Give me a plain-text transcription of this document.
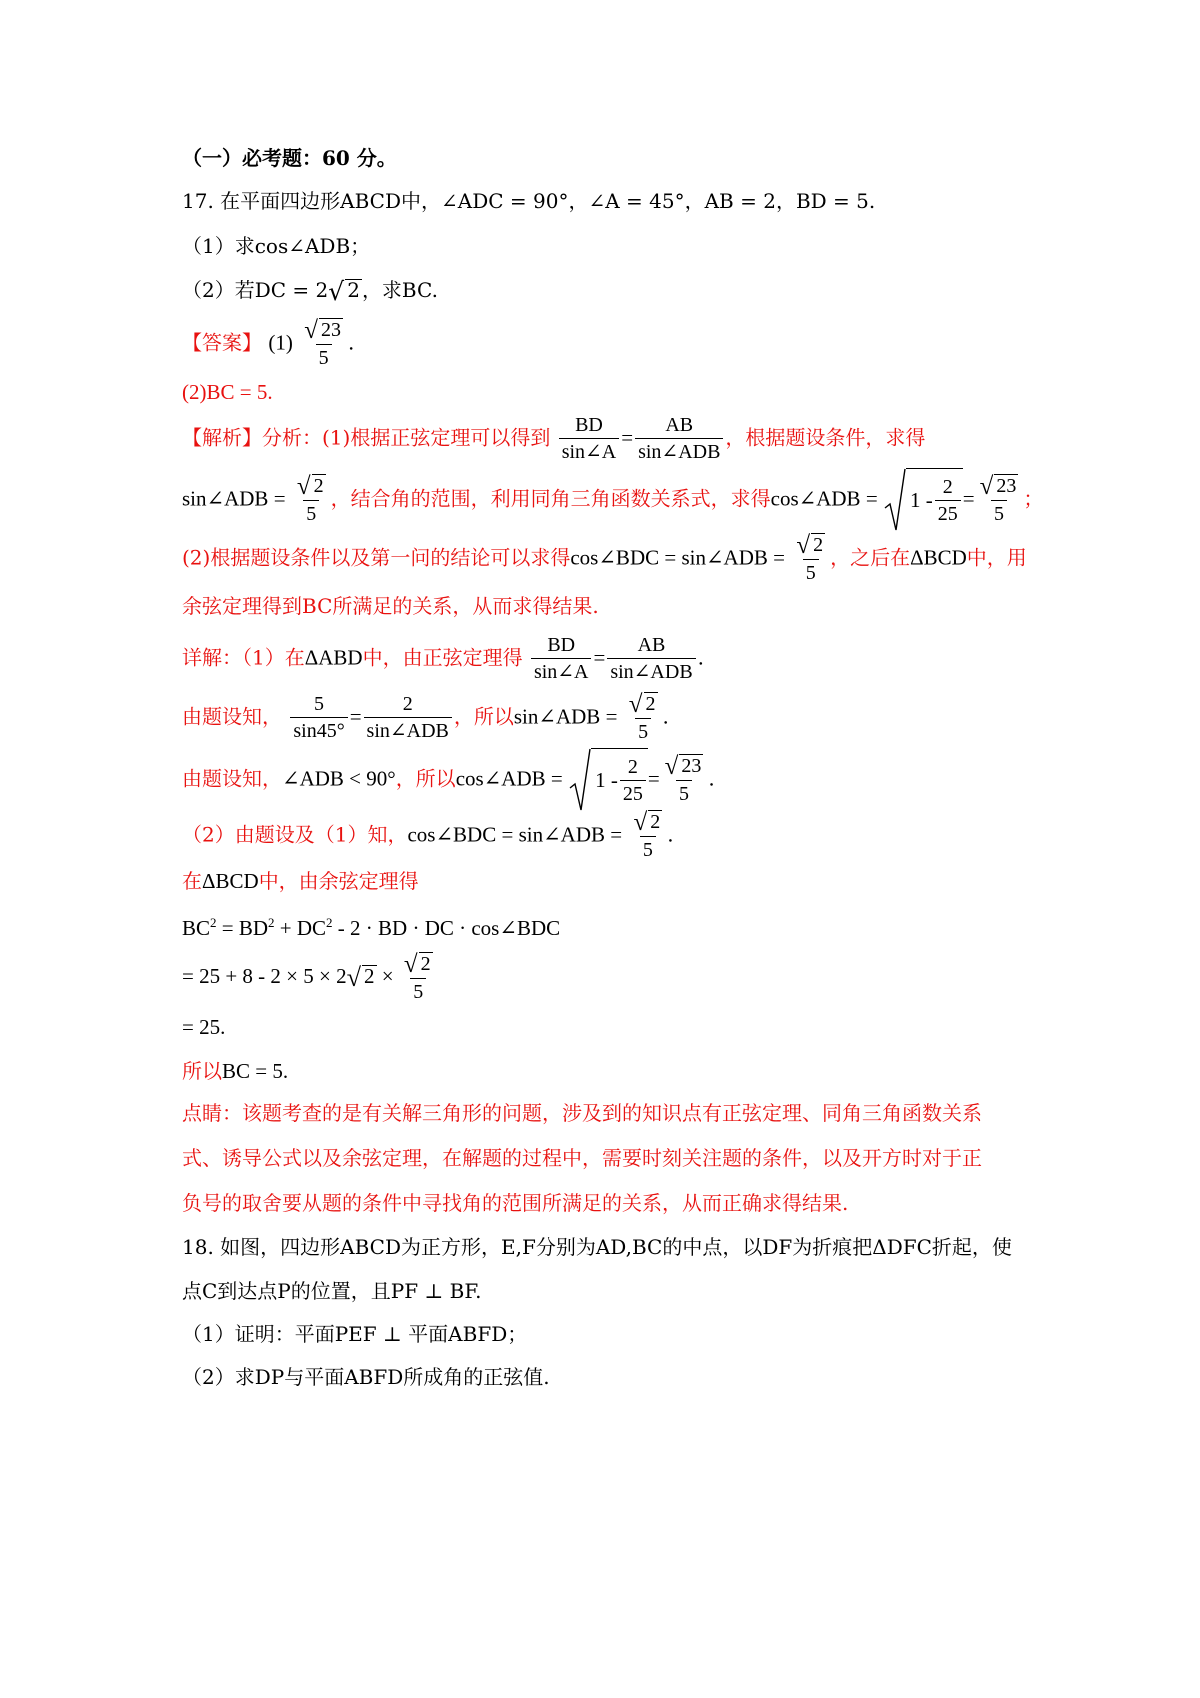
（一）必考题：60 分。
17. 在平面四边形ABCD中，∠ADC = 90°，∠A = 45°，AB = 2，BD = 5.
（1）求cos∠ADB；
（2）若DC = 2 √ 2 ，求BC.
【答案】 $(1) \frac{√ 23}{5}$ .
(2)BC = 5.
【解析】分析：(1)根据正弦定理可以得到 $\frac{BD}{\sin\angle A} = \frac{AB}{\text{sin∠ADB}}$ ，根据题设条件，求得
sin∠ADB = $\frac{√ 2}{5}$ ，结合角的范围，利用同角三角函数关系式，求得cos∠ADB = $1 - \frac{2}{25} = \frac{√ 23}{5}$ ；
(2)根据题设条件以及第一问的结论可以求得cos∠BDC = sin∠ADB = $\frac{√ 2}{5}$ ，之后在ΔBCD中，用
余弦定理得到BC所满足的关系，从而求得结果.
详解：（1）在ΔABD中，由正弦定理得 $\frac{BD}{\sin\angle A} = \frac{AB}{\text{sin∠ADB}}$ .
由题设知， $\frac{5}{\sin 45^\circ} = \frac{2}{\text{sin∠ADB}}$ ，所以sin∠ADB = $\frac{√ 2}{5}$ .
由题设知，∠ADB < 90°，所以cos∠ADB = $1 - \frac{2}{25} = \frac{√ 23}{5}$ .
（2）由题设及（1）知，cos∠BDC = sin∠ADB = $\frac{√ 2}{5}$ .
在ΔBCD中，由余弦定理得
$BC^2 = BD^2 + DC^2 - 2$ · BD · DC · cos∠BDC
= 25 + 8 - 2 × 5 × 2 √ $2 \times \frac{√ 2}{5}$
= 25.
所以BC = 5.
点睛：该题考查的是有关解三角形的问题，涉及到的知识点有正弦定理、同角三角函数关系
式、诱导公式以及余弦定理，在解题的过程中，需要时刻关注题的条件，以及开方时对于正
负号的取舍要从题的条件中寻找角的范围所满足的关系，从而正确求得结果.
18. 如图，四边形ABCD为正方形，E,F分别为AD,BC的中点，以DF为折痕把ΔDFC折起，使
点C到达点P的位置，且PF ⊥ BF.
（1）证明：平面PEF ⊥ 平面ABFD；
（2）求DP与平面ABFD所成角的正弦值.
